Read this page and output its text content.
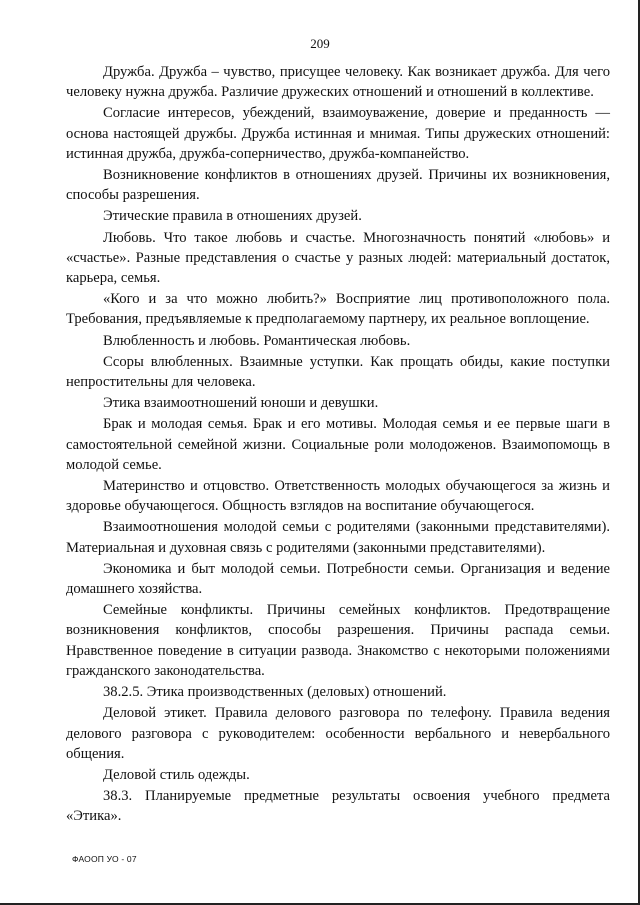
209

Дружба. Дружба – чувство, присущее человеку. Как возникает дружба. Для чего человеку нужна дружба. Различие дружеских отношений и отношений в коллективе.

Согласие интересов, убеждений, взаимоуважение, доверие и преданность — основа настоящей дружбы. Дружба истинная и мнимая. Типы дружеских отношений: истинная дружба, дружба-соперничество, дружба-компанейство.

Возникновение конфликтов в отношениях друзей. Причины их возникновения, способы разрешения.

Этические правила в отношениях друзей.

Любовь. Что такое любовь и счастье. Многозначность понятий «любовь» и «счастье». Разные представления о счастье у разных людей: материальный достаток, карьера, семья.

«Кого и за что можно любить?» Восприятие лиц противоположного пола. Требования, предъявляемые к предполагаемому партнеру, их реальное воплощение.

Влюбленность и любовь. Романтическая любовь.

Ссоры влюбленных. Взаимные уступки. Как прощать обиды, какие поступки непростительны для человека.

Этика взаимоотношений юноши и девушки.

Брак и молодая семья. Брак и его мотивы. Молодая семья и ее первые шаги в самостоятельной семейной жизни. Социальные роли молодоженов. Взаимопомощь в молодой семье.

Материнство и отцовство. Ответственность молодых обучающегося за жизнь и здоровье обучающегося. Общность взглядов на воспитание обучающегося.

Взаимоотношения молодой семьи с родителями (законными представителями). Материальная и духовная связь с родителями (законными представителями).

Экономика и быт молодой семьи. Потребности семьи. Организация и ведение домашнего хозяйства.

Семейные конфликты. Причины семейных конфликтов. Предотвращение возникновения конфликтов, способы разрешения. Причины распада семьи. Нравственное поведение в ситуации развода. Знакомство с некоторыми положениями гражданского законодательства.

38.2.5. Этика производственных (деловых) отношений.

Деловой этикет. Правила делового разговора по телефону. Правила ведения делового разговора с руководителем: особенности вербального и невербального общения.

Деловой стиль одежды.

38.3. Планируемые предметные результаты освоения учебного предмета «Этика».

ФАООП УО - 07
